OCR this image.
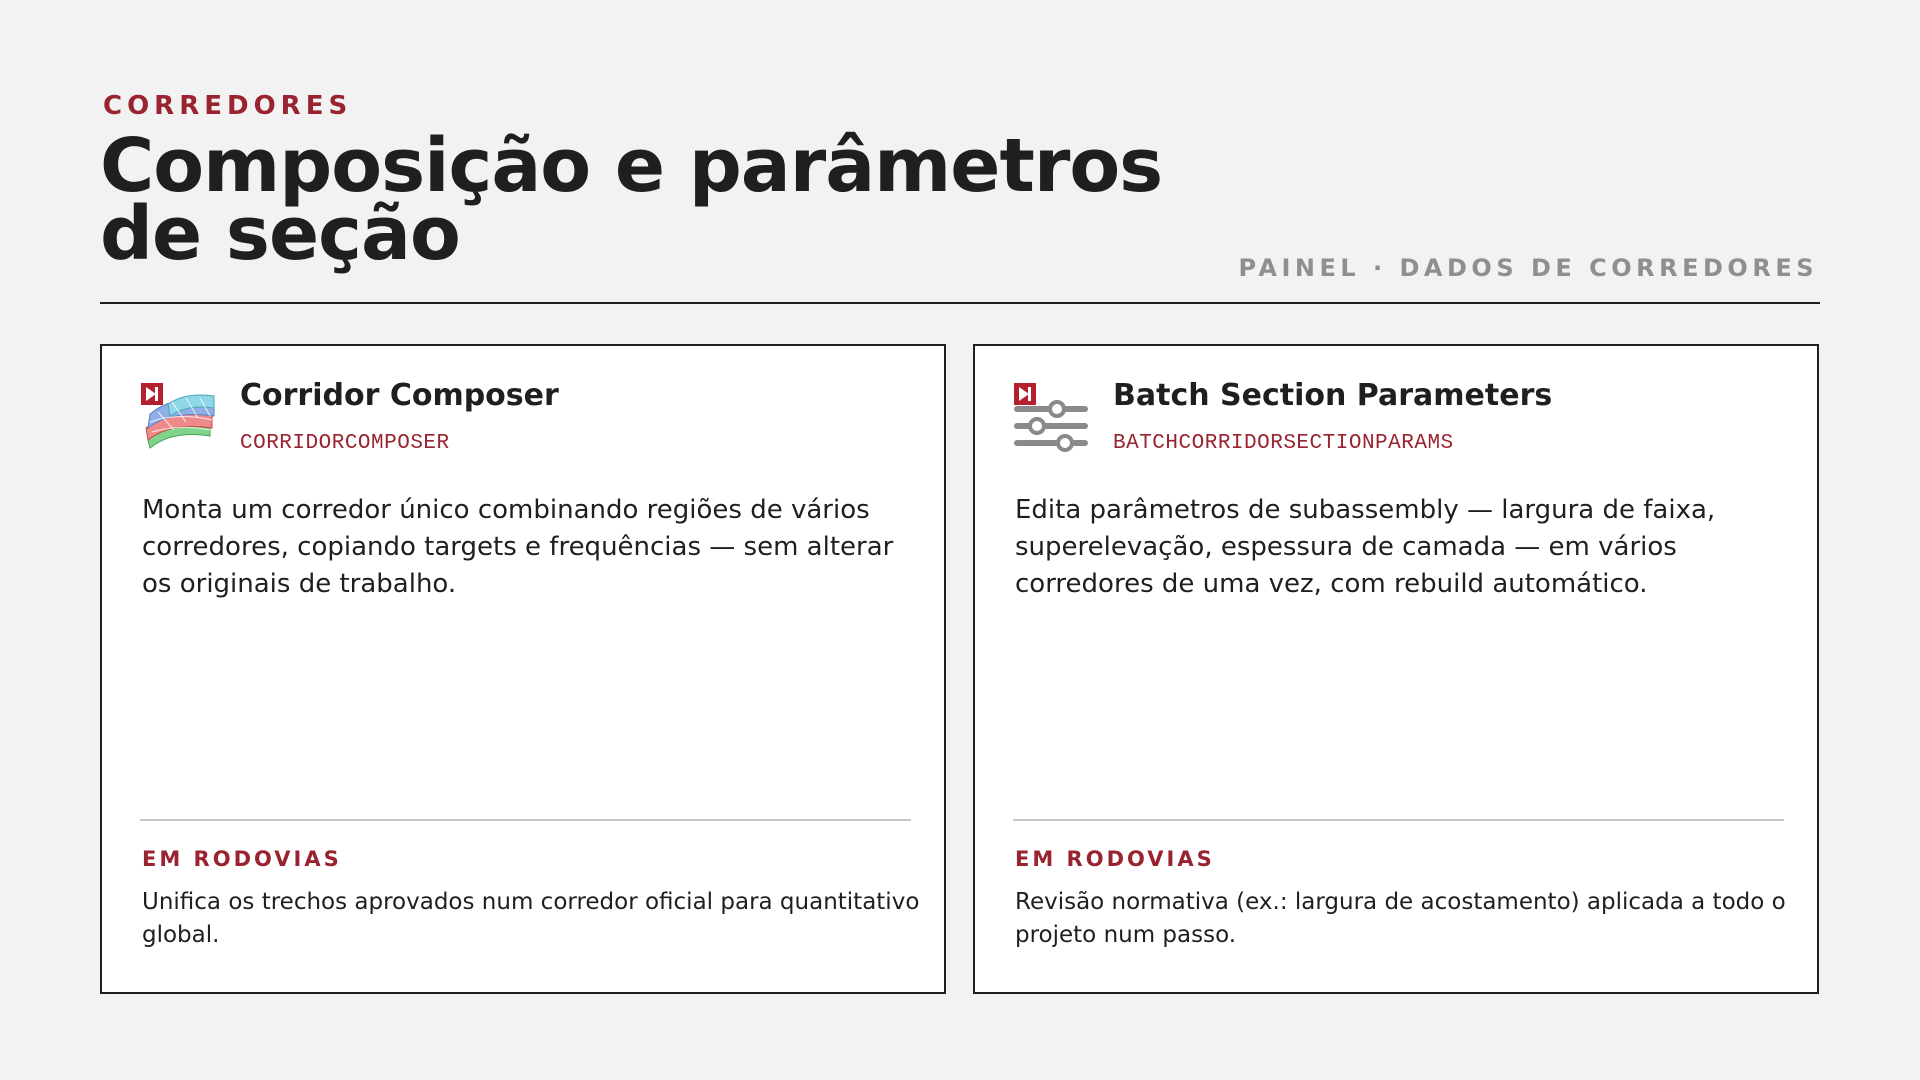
CORREDORES

Composição e parâmetros de seção	PAINEL · DADOS DE CORREDORES

Corridor Composer

CORRIDORCOMPOSER

Monta um corredor único combinando regiões de vários corredores, copiando targets e frequências — sem alterar os originais de trabalho.

EM RODOVIAS

Unifica os trechos aprovados num corredor oficial para quantitativo global.

Batch Section Parameters

BATCHCORRIDORSECTIONPARAMS

Edita parâmetros de subassembly — largura de faixa, superelevação, espessura de camada — em vários corredores de uma vez, com rebuild automático.

EM RODOVIAS

Revisão normativa (ex.: largura de acostamento) aplicada a todo o projeto num passo.
